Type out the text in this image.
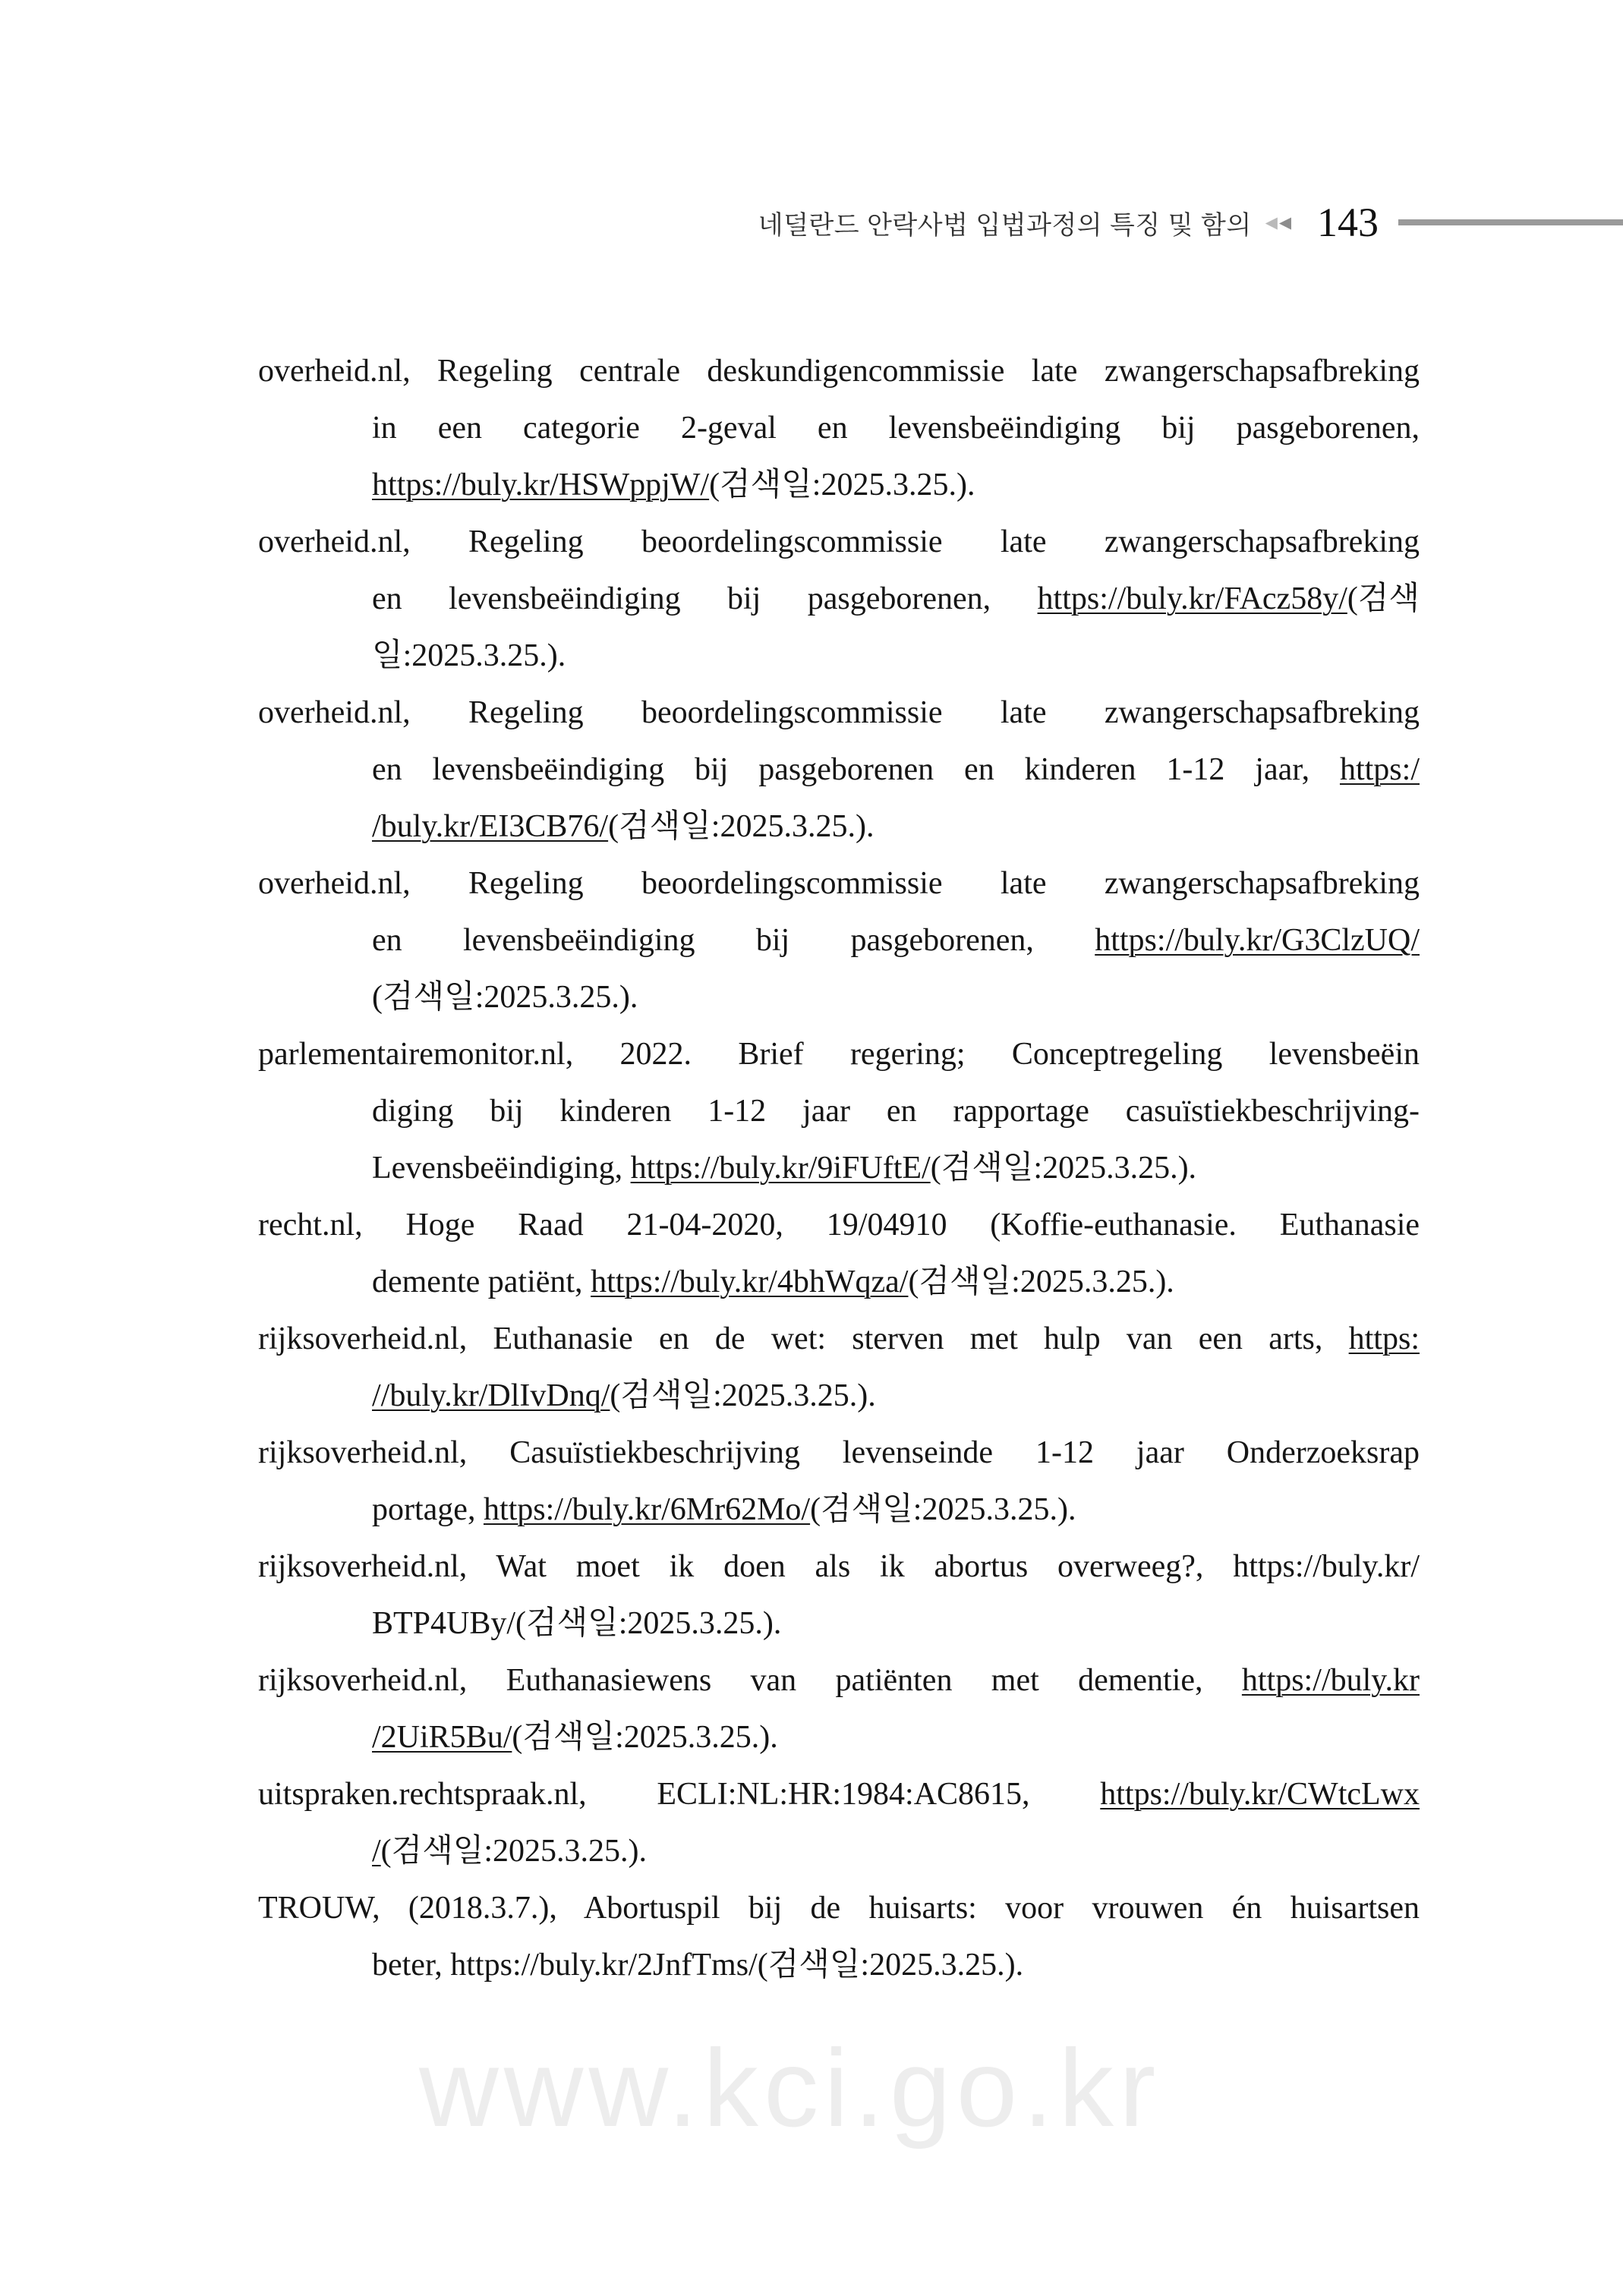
네덜란드 안락사법 입법과정의 특징 및 함의 ◀ ◀ 143
overheid.nl, Regeling centrale deskundigencommissie late zwangerschapsafbreking
in een categorie 2-geval en levensbeëindiging bij pasgeborenen,
https://buly.kr/HSWppjW/(검색일:2025.3.25.).
overheid.nl, Regeling beoordelingscommissie late zwangerschapsafbreking
en levensbeëindiging bij pasgeborenen, https://buly.kr/FAcz58y/(검색
일:2025.3.25.).
overheid.nl, Regeling beoordelingscommissie late zwangerschapsafbreking
en levensbeëindiging bij pasgeborenen en kinderen 1-12 jaar, https:/
/buly.kr/EI3CB76/(검색일:2025.3.25.).
overheid.nl, Regeling beoordelingscommissie late zwangerschapsafbreking
en levensbeëindiging bij pasgeborenen, https://buly.kr/G3ClzUQ/
(검색일:2025.3.25.).
parlementairemonitor.nl, 2022. Brief regering; Conceptregeling levensbeëin
diging bij kinderen 1-12 jaar en rapportage casuïstiekbeschrijving-
Levensbeëindiging, https://buly.kr/9iFUftE/(검색일:2025.3.25.).
recht.nl, Hoge Raad 21-04-2020, 19/04910 (Koffie-euthanasie. Euthanasie
demente patiënt, https://buly.kr/4bhWqza/(검색일:2025.3.25.).
rijksoverheid.nl, Euthanasie en de wet: sterven met hulp van een arts, https:
//buly.kr/DlIvDnq/(검색일:2025.3.25.).
rijksoverheid.nl, Casuïstiekbeschrijving levenseinde 1-12 jaar Onderzoeksrap
portage, https://buly.kr/6Mr62Mo/(검색일:2025.3.25.).
rijksoverheid.nl, Wat moet ik doen als ik abortus overweeg?, https://buly.kr/
BTP4UBy/(검색일:2025.3.25.).
rijksoverheid.nl, Euthanasiewens van patiënten met dementie, https://buly.kr
/2UiR5Bu/(검색일:2025.3.25.).
uitspraken.rechtspraak.nl, ECLI:NL:HR:1984:AC8615, https://buly.kr/CWtcLwx
/(검색일:2025.3.25.).
TROUW, (2018.3.7.), Abortuspil bij de huisarts: voor vrouwen én huisartsen
beter, https://buly.kr/2JnfTms/(검색일:2025.3.25.).
www.kci.go.kr
